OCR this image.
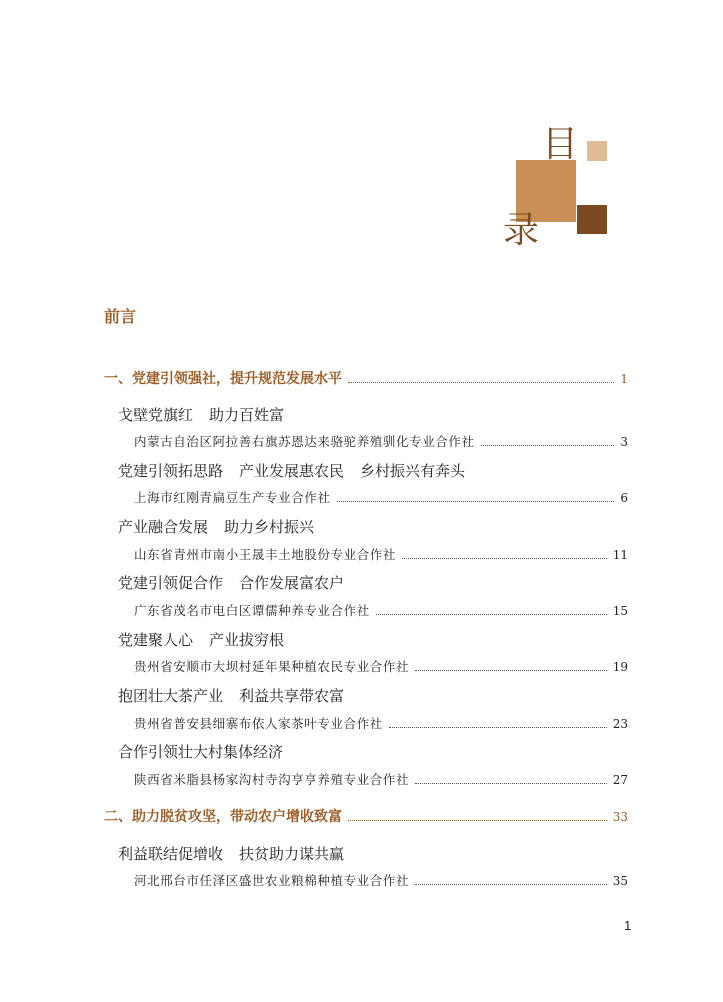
目
录
前言
一、党建引领强社，提升规范发展水平	1
戈壁党旗红 助力百姓富
内蒙古自治区阿拉善右旗苏恩达来骆驼养殖驯化专业合作社	3
党建引领拓思路 产业发展惠农民 乡村振兴有奔头
上海市红刚青扁豆生产专业合作社	6
产业融合发展 助力乡村振兴
山东省青州市南小王晟丰土地股份专业合作社	11
党建引领促合作 合作发展富农户
广东省茂名市电白区谭儒种养专业合作社	15
党建聚人心 产业拔穷根
贵州省安顺市大坝村延年果种植农民专业合作社	19
抱团壮大茶产业 利益共享带农富
贵州省普安县细寨布依人家茶叶专业合作社	23
合作引领壮大村集体经济
陕西省米脂县杨家沟村寺沟亨亨养殖专业合作社	27
二、助力脱贫攻坚，带动农户增收致富	33
利益联结促增收 扶贫助力谋共赢
河北邢台市任泽区盛世农业粮棉种植专业合作社	35
1
